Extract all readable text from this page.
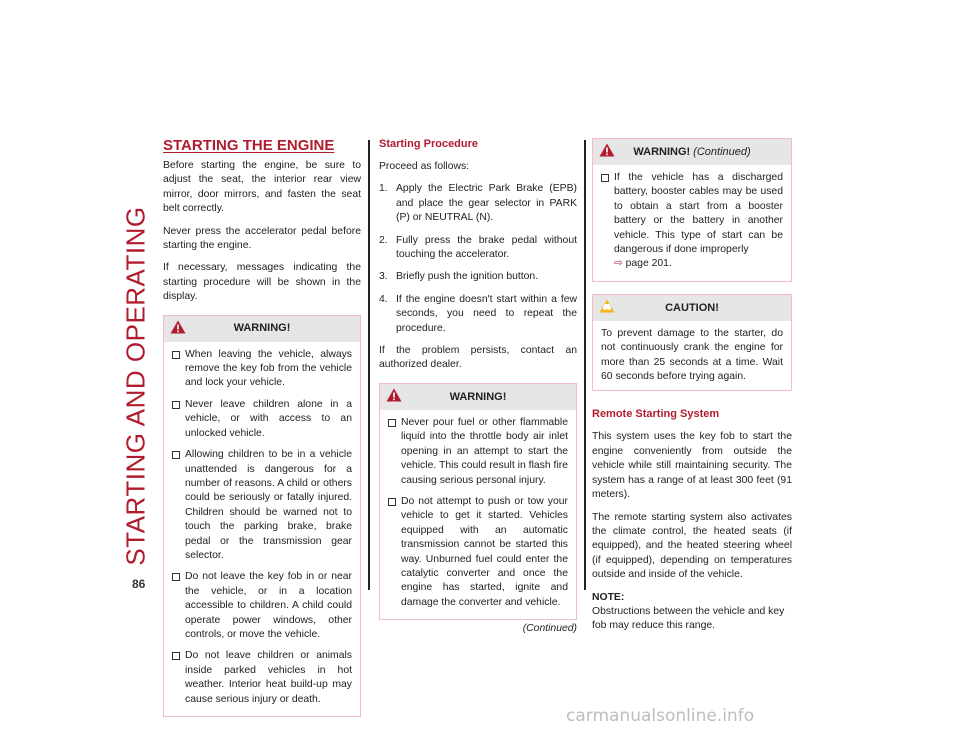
STARTING AND OPERATING
86
STARTING THE ENGINE

Before starting the engine, be sure to adjust the seat, the interior rear view mirror, door mirrors, and fasten the seat belt correctly.

Never press the accelerator pedal before starting the engine.

If necessary, messages indicating the starting procedure will be shown in the display.

WARNING!
When leaving the vehicle, always remove the key fob from the vehicle and lock your vehicle.
Never leave children alone in a vehicle, or with access to an unlocked vehicle.
Allowing children to be in a vehicle unattended is dangerous for a number of reasons. A child or others could be seriously or fatally injured. Children should be warned not to touch the parking brake, brake pedal or the transmission gear selector.
Do not leave the key fob in or near the vehicle, or in a location accessible to children. A child could operate power windows, other controls, or move the vehicle.
Do not leave children or animals inside parked vehicles in hot weather. Interior heat build-up may cause serious injury or death.
Starting Procedure

Proceed as follows:

1. Apply the Electric Park Brake (EPB) and place the gear selector in PARK (P) or NEUTRAL (N).
2. Fully press the brake pedal without touching the accelerator.
3. Briefly push the ignition button.
4. If the engine doesn't start within a few seconds, you need to repeat the procedure.

If the problem persists, contact an authorized dealer.

WARNING!
Never pour fuel or other flammable liquid into the throttle body air inlet opening in an attempt to start the vehicle. This could result in flash fire causing serious personal injury.
Do not attempt to push or tow your vehicle to get it started. Vehicles equipped with an automatic transmission cannot be started this way. Unburned fuel could enter the catalytic converter and once the engine has started, ignite and damage the converter and vehicle.
(Continued)
WARNING! (Continued)
If the vehicle has a discharged battery, booster cables may be used to obtain a start from a booster battery or the battery in another vehicle. This type of start can be dangerous if done improperly
⇨ page 201.
CAUTION!

To prevent damage to the starter, do not continuously crank the engine for more than 25 seconds at a time. Wait 60 seconds before trying again.

Remote Starting System

This system uses the key fob to start the engine conveniently from outside the vehicle while still maintaining security. The system has a range of at least 300 feet (91 meters).

The remote starting system also activates the climate control, the heated seats (if equipped), and the heated steering wheel (if equipped), depending on temperatures outside and inside of the vehicle.

NOTE:

Obstructions between the vehicle and key fob may reduce this range.

carmanualsonline.info
